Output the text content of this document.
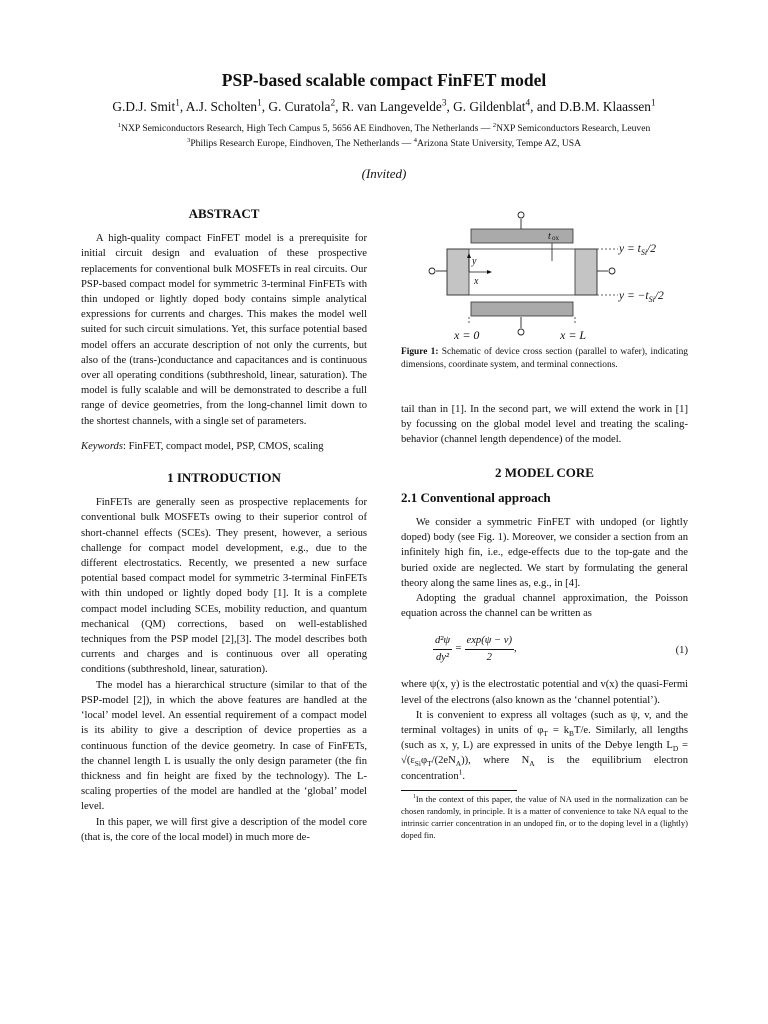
PSP-based scalable compact FinFET model
G.D.J. Smit$^1$, A.J. Scholten$^1$, G. Curatola$^2$, R. van Langevelde$^3$, G. Gildenblat$^4$, and D.B.M. Klaassen$^1$
$^1$NXP Semiconductors Research, High Tech Campus 5, 5656 AE Eindhoven, The Netherlands — $^2$NXP Semiconductors Research, Leuven
$^3$Philips Research Europe, Eindhoven, The Netherlands — $^4$Arizona State University, Tempe AZ, USA
(Invited)
ABSTRACT

A high-quality compact FinFET model is a prerequisite for initial circuit design and evaluation of these prospective replacements for conventional bulk MOSFETs in real circuits. Our PSP-based compact model for symmetric 3-terminal FinFETs with thin undoped or lightly doped body contains simple analytical expressions for currents and charges. This makes the model well suited for such circuit simulations. Yet, this surface potential based model offers an accurate description of not only the currents, but also of the (trans-)conductance and capacitances and is continuous over all operating conditions (subthreshold, linear, saturation). The model is fully scalable and will be demonstrated to describe a full range of device geometries, from the long-channel limit down to the shortest channels, with a single set of parameters.

Keywords: FinFET, compact model, PSP, CMOS, scaling

1 INTRODUCTION

FinFETs are generally seen as prospective replacements for conventional bulk MOSFETs owing to their superior control of short-channel effects (SCEs). They present, however, a serious challenge for compact model development, e.g., due to the different electrostatics. Recently, we presented a new surface potential based compact model for symmetric 3-terminal FinFETs with thin undoped or lightly doped body [1]. It is a complete compact model including SCEs, mobility reduction, and quantum mechanical (QM) corrections, based on well-established techniques from the PSP model [2],[3]. The model describes both currents and charges and is continuous over all operating conditions (subthreshold, linear, saturation).

The model has a hierarchical structure (similar to that of the PSP-model [2]), in which the above features are handled at the ‘local’ model level. An essential requirement of a compact model is its ability to give a description of device properties as a continuous function of the device geometry. In case of FinFETs, the channel length L is usually the only design parameter (the fin thickness and fin height are fixed by the technology). The L-scaling properties of the model are handled at the ‘global’ model level.

In this paper, we will first give a description of the model core (that is, the core of the local model) in much more de-

t ox
$y = t_{Si}/2$
$y = -t_{Si}/2$
y
x
x = 0	x = L

Figure 1: Schematic of device cross section (parallel to wafer), indicating dimensions, coordinate system, and terminal connections.

tail than in [1]. In the second part, we will extend the work in [1] by focussing on the global model level and treating the scaling-behavior (channel length dependence) of the model.

2 MODEL CORE
2.1 Conventional approach

We consider a symmetric FinFET with undoped (or lightly doped) body (see Fig. 1). Moreover, we consider a section from an infinitely high fin, i.e., edge-effects due to the top-gate and the buried oxide are neglected. We start by formulating the general theory along the same lines as, e.g., in [4].

Adopting the gradual channel approximation, the Poisson equation across the channel can be written as

$\frac{\text{d²ψ}}{\text{dy²}} = \frac{\exp(\psi - v)}{2}$ ,	(1)

where ψ(x, y) is the electrostatic potential and v(x) the quasi-Fermi level of the electrons (also known as the ‘channel potential’).

It is convenient to express all voltages (such as ψ, v, and the terminal voltages) in units of $\varphi_T = k_BT/e$. Similarly, all lengths (such as x, y, L) are expressed in units of the Debye length $L_D = √(\varepsilon_{Si}\varphi_T/(2eN_A))$, where $N_A$ is the equilibrium electron concentration$^1$.

$^1$In the context of this paper, the value of NA used in the normalization can be chosen randomly, in principle. It is a matter of convenience to take NA equal to the intrinsic carrier concentration in an undoped fin, or to the doping level in a (lightly) doped fin.
